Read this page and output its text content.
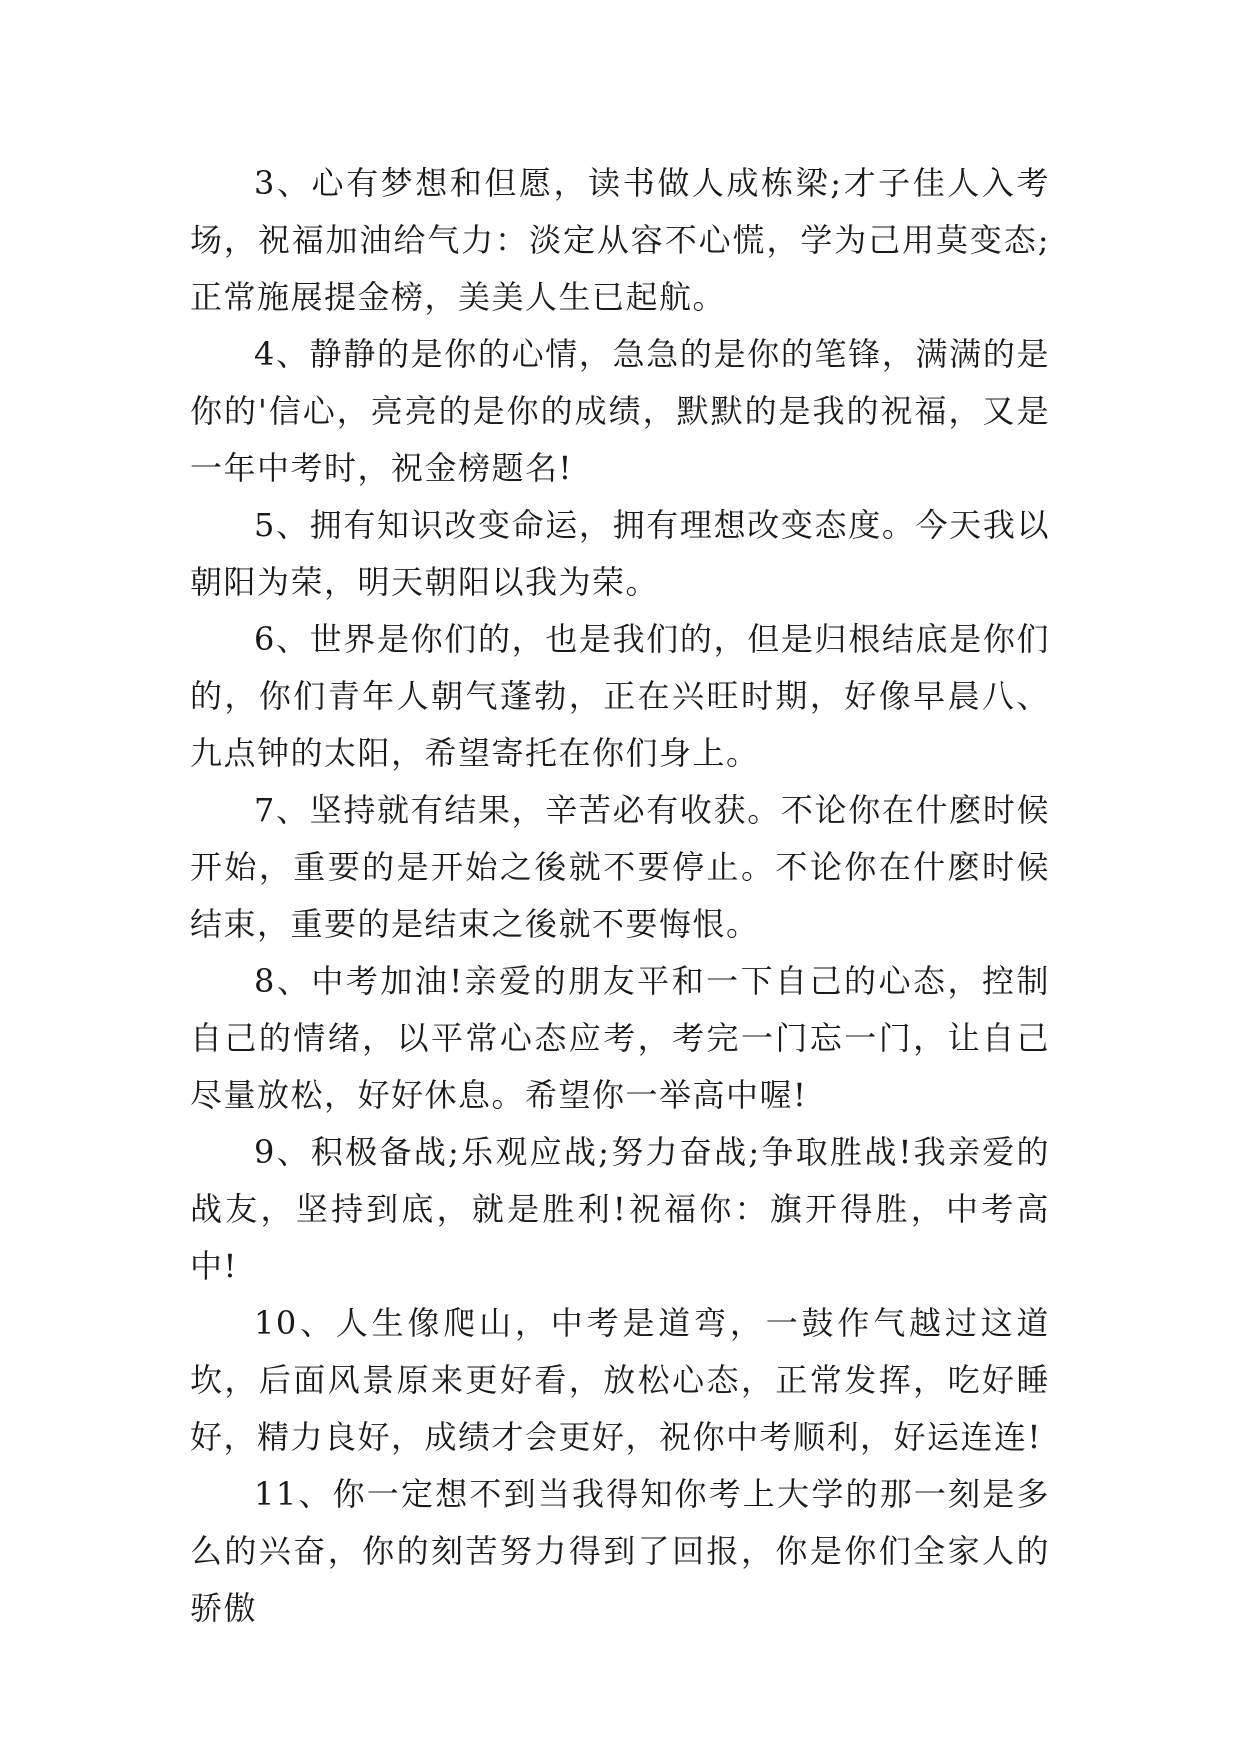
3、心有梦想和但愿，读书做人成栋梁;才子佳人入考场，祝福加油给气力：淡定从容不心慌，学为己用莫变态;正常施展提金榜，美美人生已起航。

4、静静的是你的心情，急急的是你的笔锋，满满的是你的'信心，亮亮的是你的成绩，默默的是我的祝福，又是一年中考时，祝金榜题名!

5、拥有知识改变命运，拥有理想改变态度。今天我以朝阳为荣，明天朝阳以我为荣。

6、世界是你们的，也是我们的，但是归根结底是你们的，你们青年人朝气蓬勃，正在兴旺时期，好像早晨八、九点钟的太阳，希望寄托在你们身上。

7、坚持就有结果，辛苦必有收获。不论你在什麽时候开始，重要的是开始之後就不要停止。不论你在什麽时候结束，重要的是结束之後就不要悔恨。

8、中考加油!亲爱的朋友平和一下自己的心态，控制自己的情绪，以平常心态应考，考完一门忘一门，让自己尽量放松，好好休息。希望你一举高中喔!

9、积极备战;乐观应战;努力奋战;争取胜战!我亲爱的战友，坚持到底，就是胜利!祝福你：旗开得胜，中考高中!

10、人生像爬山，中考是道弯，一鼓作气越过这道坎，后面风景原来更好看，放松心态，正常发挥，吃好睡好，精力良好，成绩才会更好，祝你中考顺利，好运连连!

11、你一定想不到当我得知你考上大学的那一刻是多么的兴奋，你的刻苦努力得到了回报，你是你们全家人的骄傲
